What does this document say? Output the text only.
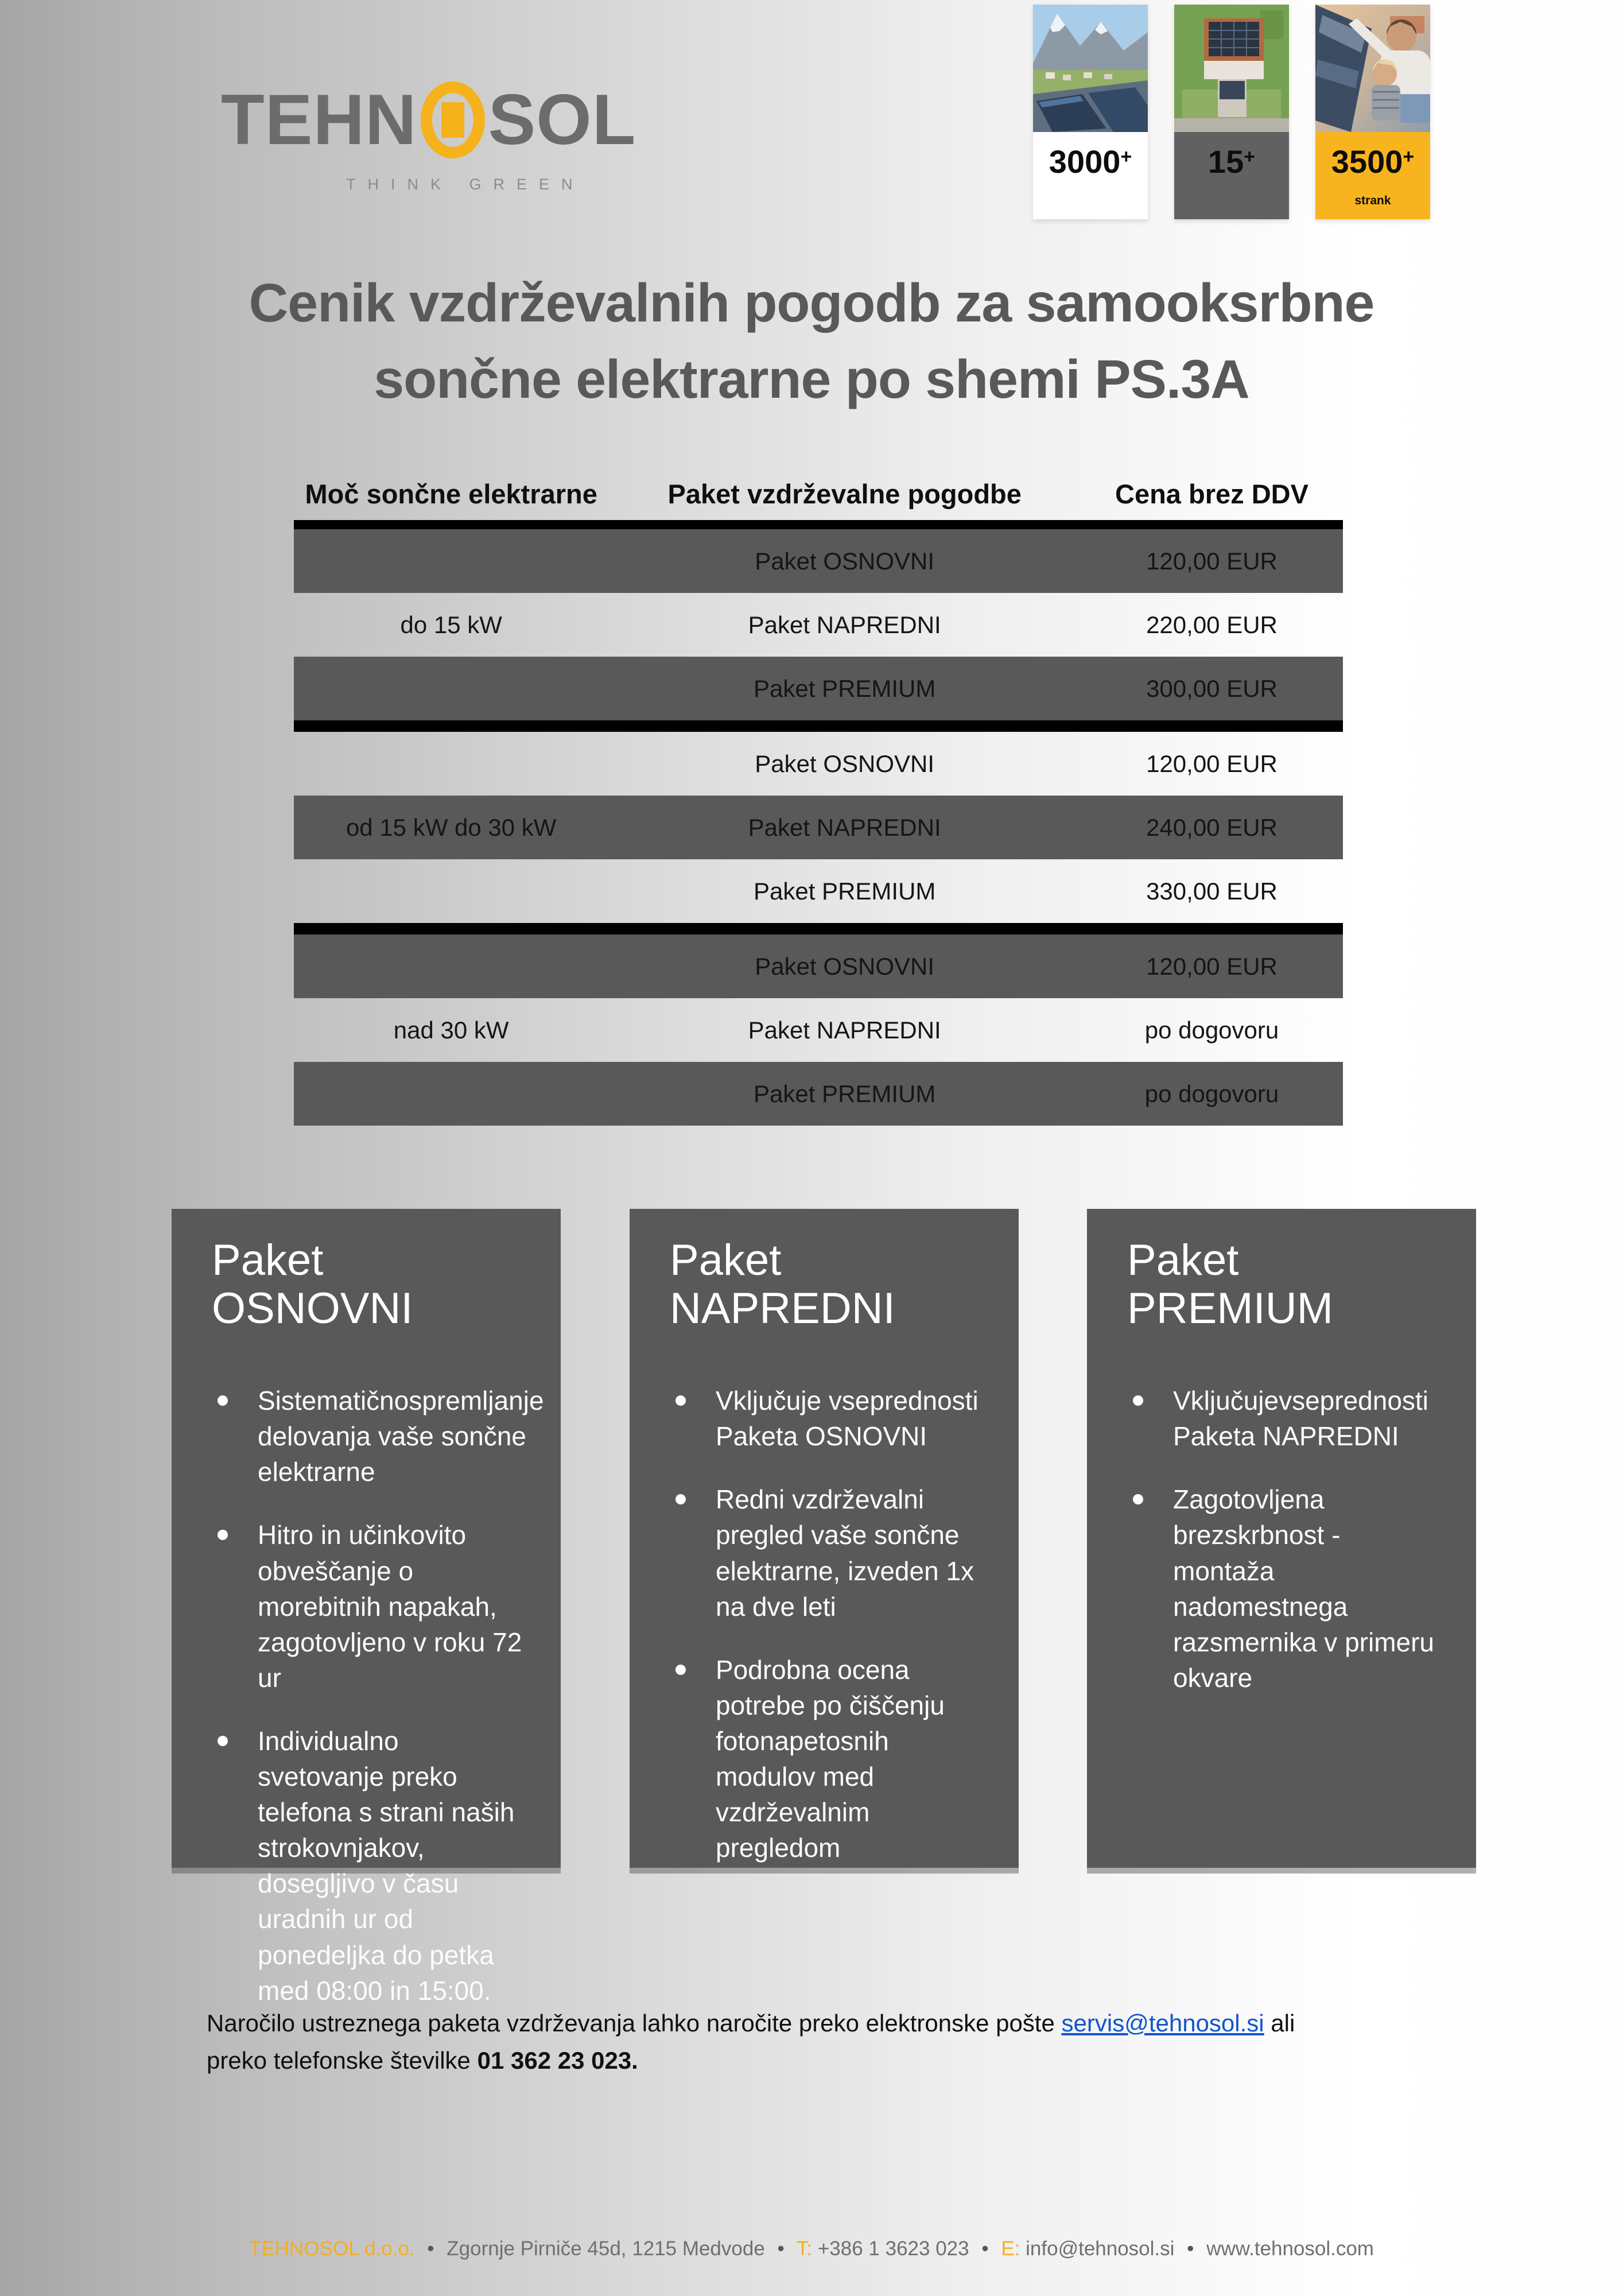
TEHN SOL
THINK GREEN
3000+	15+	3500+
strank
Cenik vzdrževalnih pogodb za samooksrbne
sončne elektrarne po shemi PS.3A
Moč sončne elektrarne	Paket vzdrževalne pogodbe	Cena brez DDV
Paket OSNOVNI	120,00 EUR
do 15 kW	Paket NAPREDNI	220,00 EUR
Paket PREMIUM	300,00 EUR
Paket OSNOVNI	120,00 EUR
od 15 kW do 30 kW	Paket NAPREDNI	240,00 EUR
Paket PREMIUM	330,00 EUR
Paket OSNOVNI	120,00 EUR
nad 30 kW	Paket NAPREDNI	po dogovoru
Paket PREMIUM	po dogovoru
Paket OSNOVNI
Sistematičnospremljanje delovanja vaše sončne elektrarne
Hitro in učinkovito obveščanje o morebitnih napakah, zagotovljeno v roku 72 ur
Individualno svetovanje preko telefona s strani naših strokovnjakov, dosegljivo v času uradnih ur od ponedeljka do petka med 08:00 in 15:00.
Paket NAPREDNI
Vključuje vseprednosti Paketa OSNOVNI
Redni vzdrževalni pregled vaše sončne elektrarne, izveden 1x na dve leti
Podrobna ocena potrebe po čiščenju fotonapetosnih modulov med vzdrževalnim pregledom
Paket PREMIUM
Vključujevseprednosti Paketa NAPREDNI
Zagotovljena brezskrbnost - montaža nadomestnega razsmernika v primeru okvare

Naročilo ustreznega paketa vzdrževanja lahko naročite preko elektronske pošte servis@tehnosol.si ali
preko telefonske številke 01 362 23 023.

TEHNOSOL d.o.o. • Zgornje Pirniče 45d, 1215 Medvode • T: +386 1 3623 023 • E: info@tehnosol.si • www.tehnosol.com
